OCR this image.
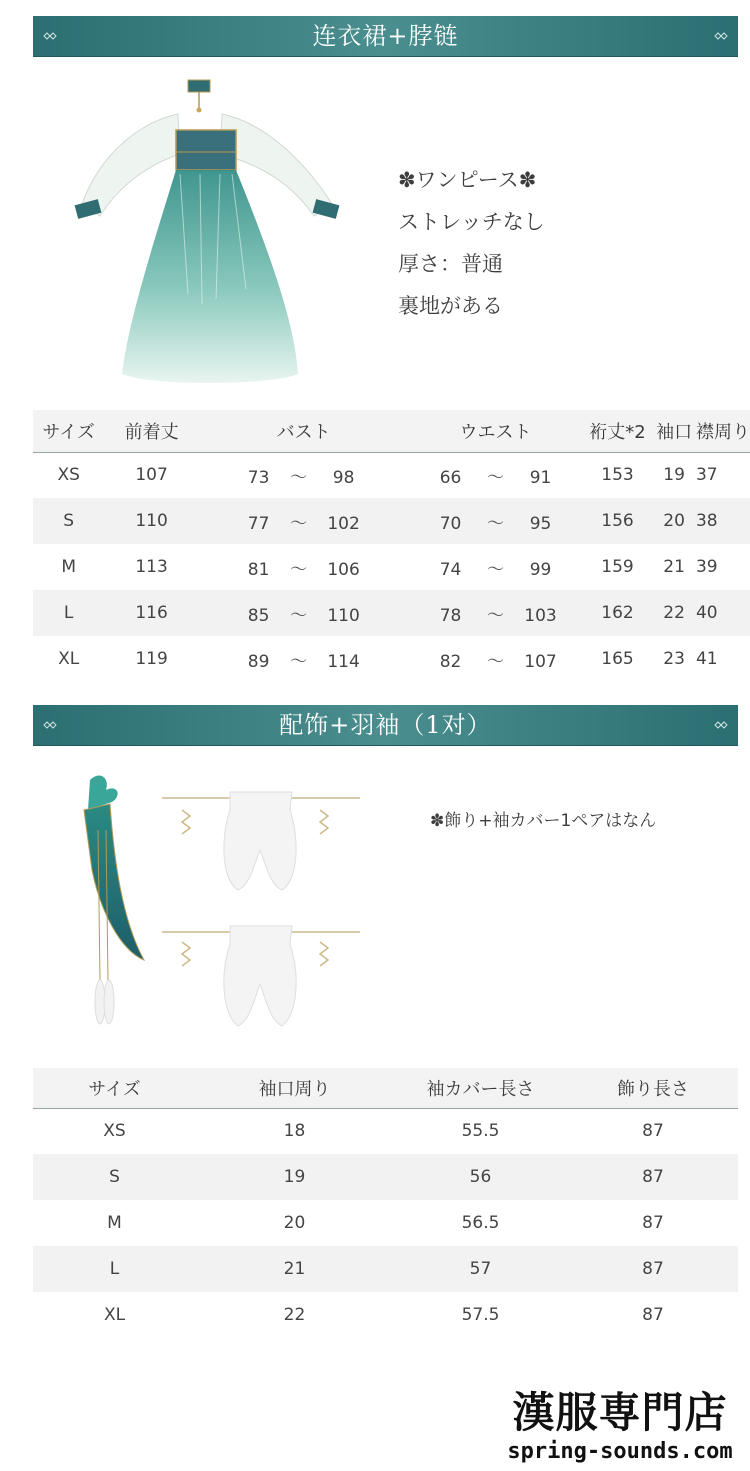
连衣裙+脖链
✽ワンピース✽
ストレッチなし
厚さ：普通
裏地がある
サイズ	前着丈	バスト	ウエスト	裄丈*2	袖口	襟周り
XS	107	73 ～ 98	66 ～ 91	153	19	37
S	110	77 ～ 102	70 ～ 95	156	20	38
M	113	81 ～ 106	74 ～ 99	159	21	39
L	116	85 ～ 110	78 ～ 103	162	22	40
XL	119	89 ～ 114	82 ～ 107	165	23	41
配饰+羽袖（1对）
✽飾り+袖カバー1ペアはなん
サイズ	袖口周り	袖カバー長さ	飾り長さ
XS	18	55.5	87
S	19	56	87
M	20	56.5	87
L	21	57	87
XL	22	57.5	87
漢服専門店
spring-sounds.com
